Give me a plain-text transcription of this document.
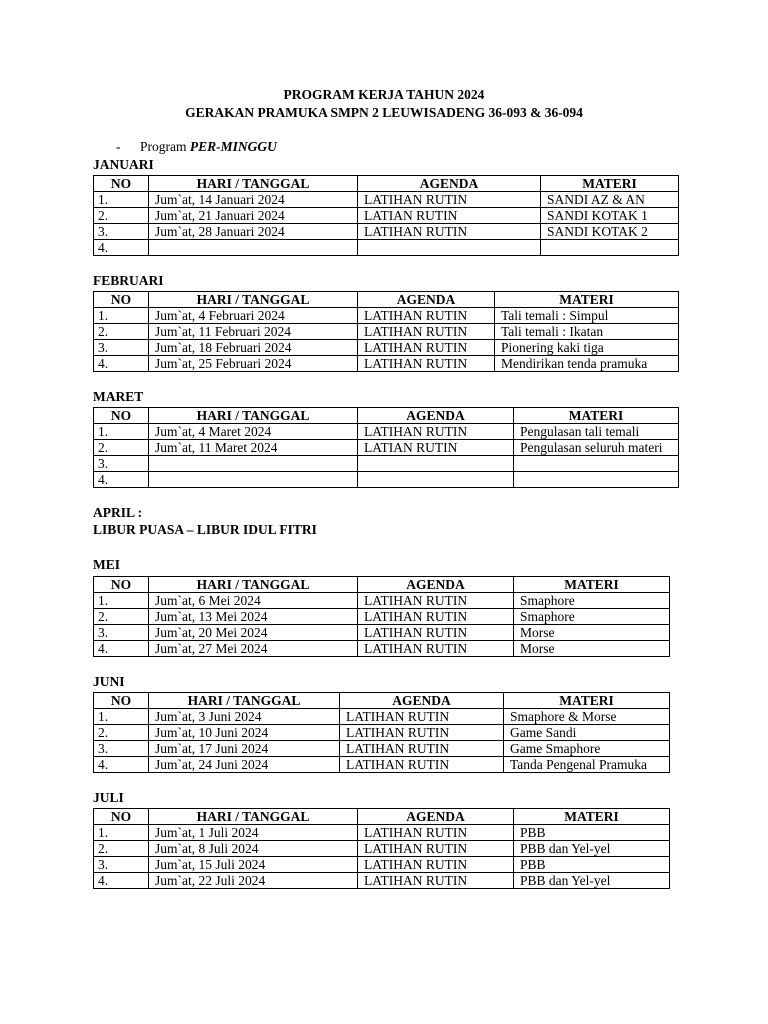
PROGRAM KERJA TAHUN 2024
GERAKAN PRAMUKA SMPN 2 LEUWISADENG 36-093 & 36-094
- Program PER-MINGGU
JANUARI
NO	HARI / TANGGAL	AGENDA	MATERI
1.	Jum`at, 14 Januari 2024	LATIHAN RUTIN	SANDI AZ & AN
2.	Jum`at, 21 Januari 2024	LATIAN RUTIN	SANDI KOTAK 1
3.	Jum`at, 28 Januari 2024	LATIHAN RUTIN	SANDI KOTAK 2
4.			
FEBRUARI
NO	HARI / TANGGAL	AGENDA	MATERI
1.	Jum`at, 4 Februari 2024	LATIHAN RUTIN	Tali temali : Simpul
2.	Jum`at, 11 Februari 2024	LATIHAN RUTIN	Tali temali : Ikatan
3.	Jum`at, 18 Februari 2024	LATIHAN RUTIN	Pionering kaki tiga
4.	Jum`at, 25 Februari 2024	LATIHAN RUTIN	Mendirikan tenda pramuka
MARET
NO	HARI / TANGGAL	AGENDA	MATERI
1.	Jum`at, 4 Maret 2024	LATIHAN RUTIN	Pengulasan tali temali
2.	Jum`at, 11 Maret 2024	LATIAN RUTIN	Pengulasan seluruh materi
3.			
4.			
APRIL :
LIBUR PUASA – LIBUR IDUL FITRI
MEI
NO	HARI / TANGGAL	AGENDA	MATERI
1.	Jum`at, 6 Mei 2024	LATIHAN RUTIN	Smaphore
2.	Jum`at, 13 Mei 2024	LATIHAN RUTIN	Smaphore
3.	Jum`at, 20 Mei 2024	LATIHAN RUTIN	Morse
4.	Jum`at, 27 Mei 2024	LATIHAN RUTIN	Morse
JUNI
NO	HARI / TANGGAL	AGENDA	MATERI
1.	Jum`at, 3 Juni 2024	LATIHAN RUTIN	Smaphore & Morse
2.	Jum`at, 10 Juni 2024	LATIHAN RUTIN	Game Sandi
3.	Jum`at, 17 Juni 2024	LATIHAN RUTIN	Game Smaphore
4.	Jum`at, 24 Juni 2024	LATIHAN RUTIN	Tanda Pengenal Pramuka
JULI
NO	HARI / TANGGAL	AGENDA	MATERI
1.	Jum`at, 1 Juli 2024	LATIHAN RUTIN	PBB
2.	Jum`at, 8 Juli 2024	LATIHAN RUTIN	PBB dan Yel-yel
3.	Jum`at, 15 Juli 2024	LATIHAN RUTIN	PBB
4.	Jum`at, 22 Juli 2024	LATIHAN RUTIN	PBB dan Yel-yel
